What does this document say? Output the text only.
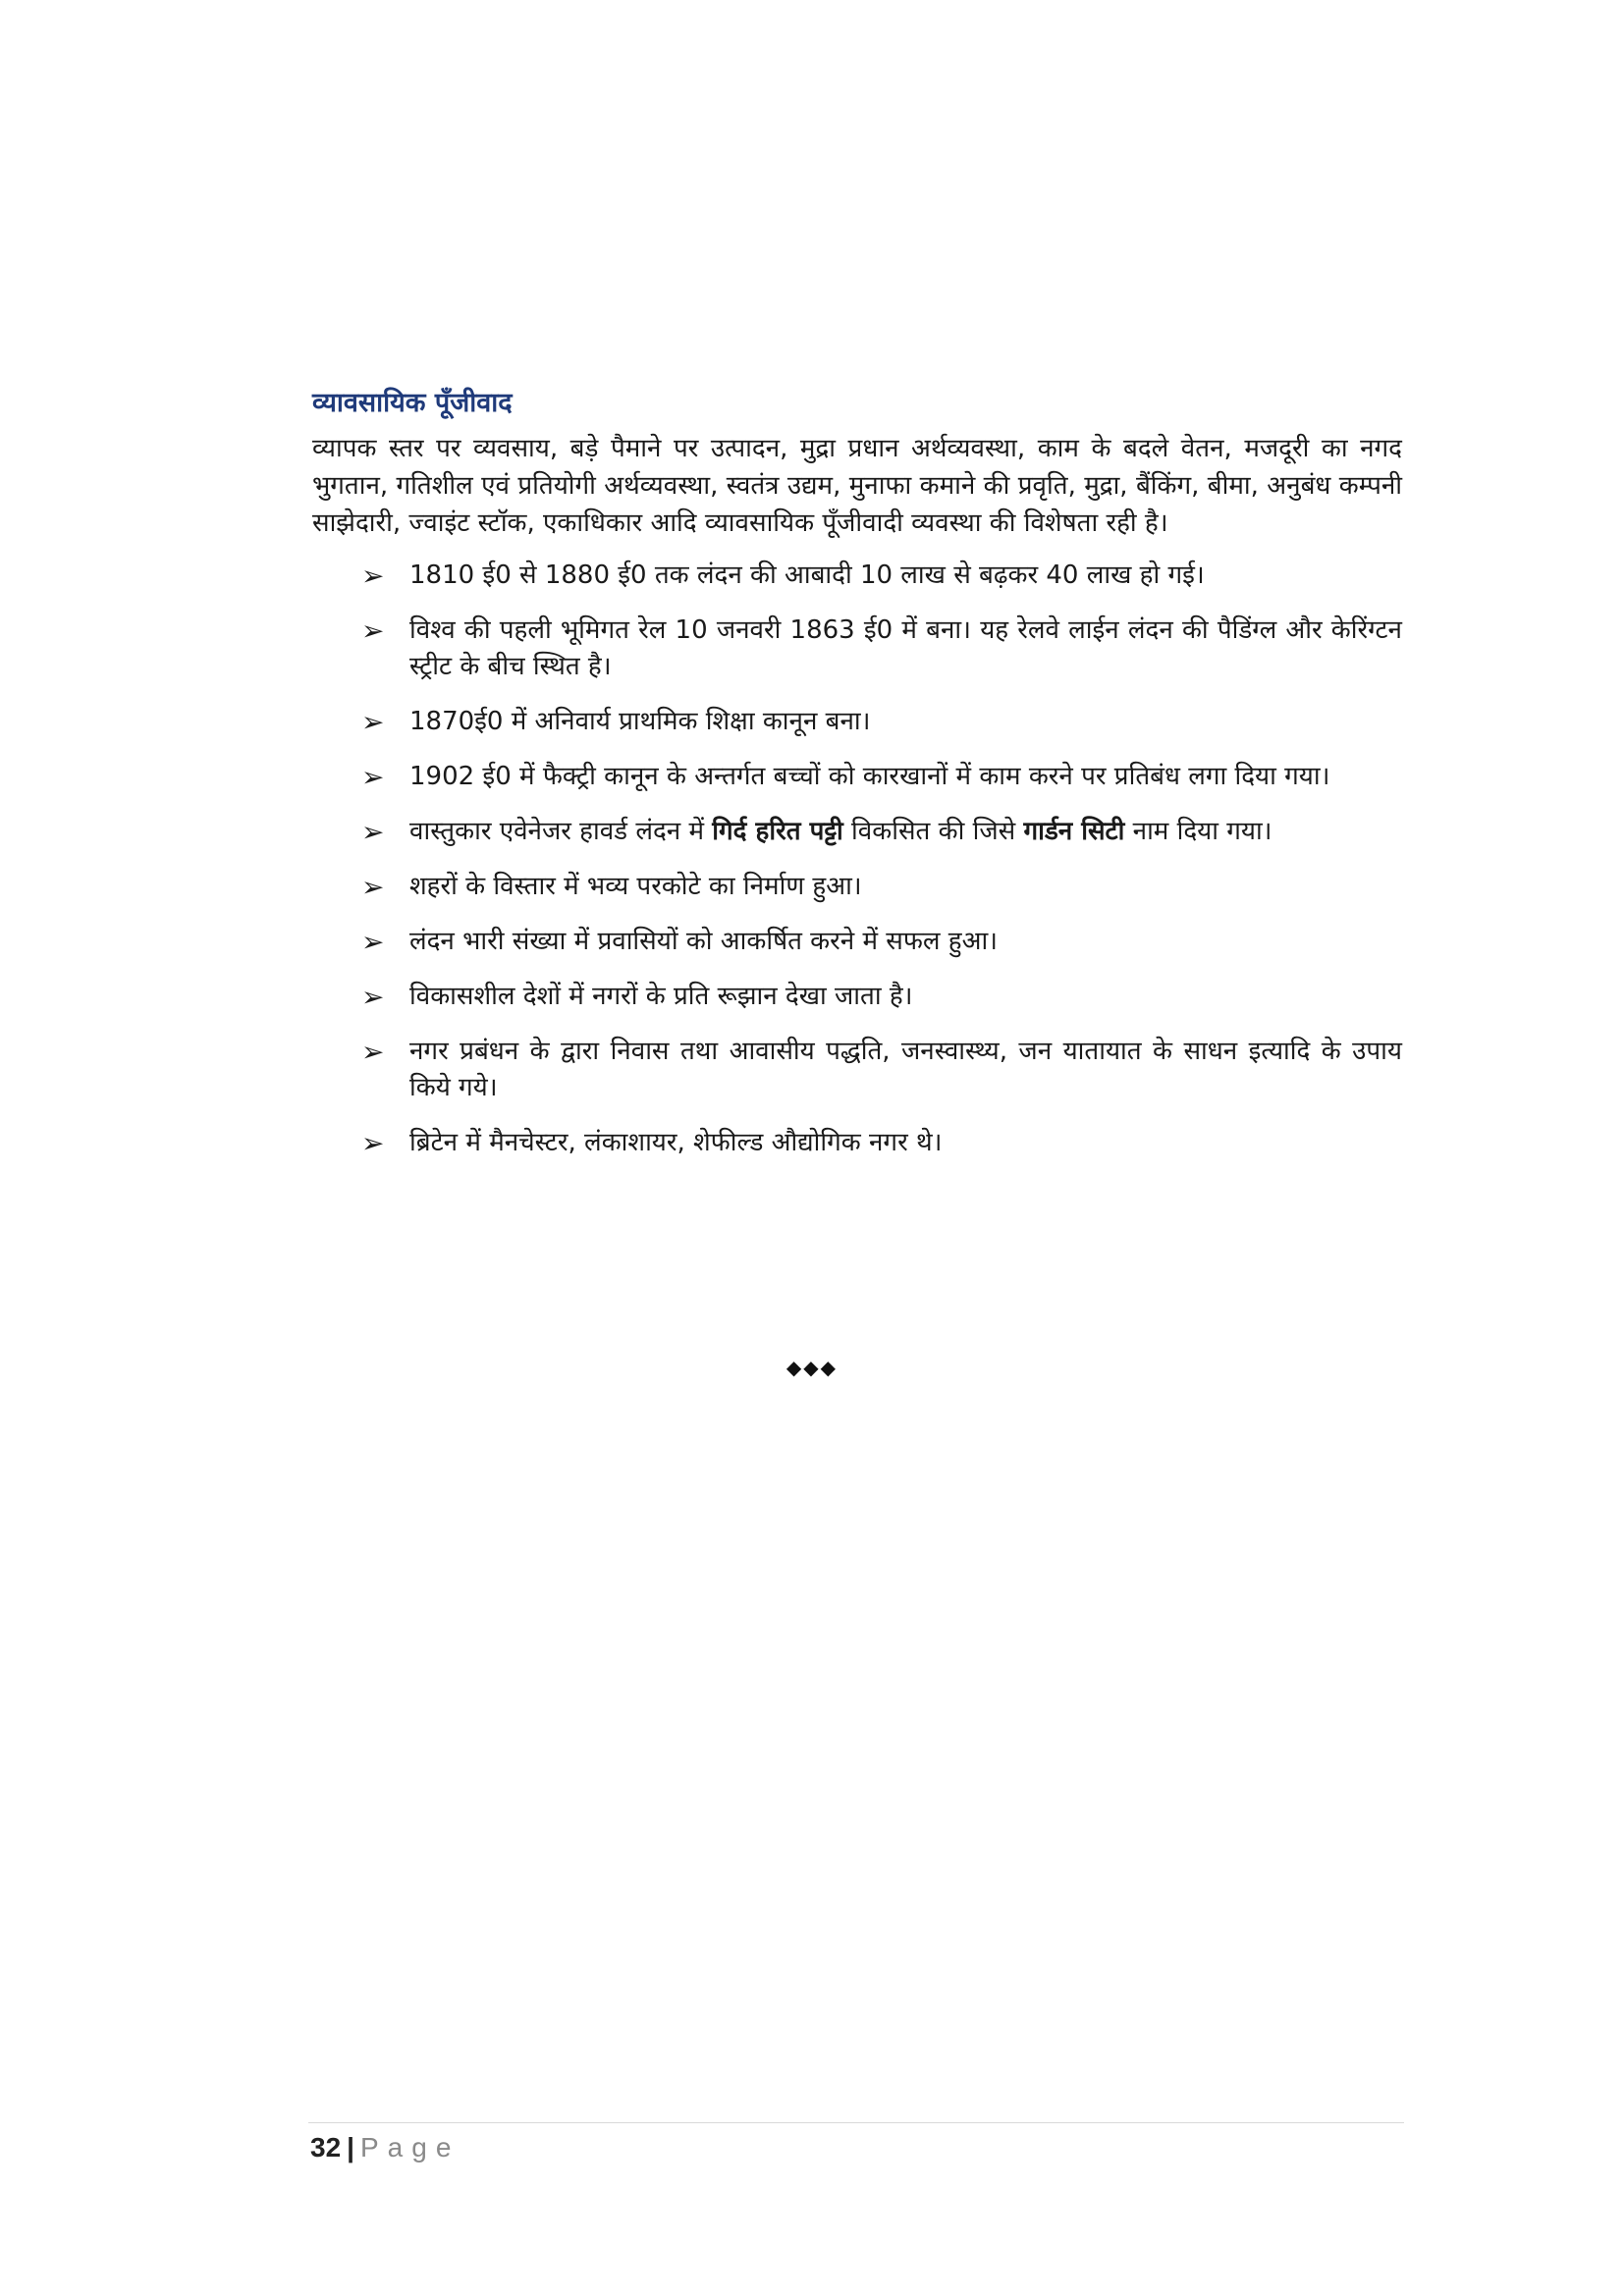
व्यावसायिक पूँजीवाद

व्यापक स्तर पर व्यवसाय, बड़े पैमाने पर उत्पादन, मुद्रा प्रधान अर्थव्यवस्था, काम के बदले वेतन, मजदूरी का नगद भुगतान, गतिशील एवं प्रतियोगी अर्थव्यवस्था, स्वतंत्र उद्यम, मुनाफा कमाने की प्रवृति, मुद्रा, बैंकिंग, बीमा, अनुबंध कम्पनी साझेदारी, ज्वाइंट स्टॉक, एकाधिकार आदि व्यावसायिक पूँजीवादी व्यवस्था की विशेषता रही है।

➢ 1810 ई0 से 1880 ई0 तक लंदन की आबादी 10 लाख से बढ़कर 40 लाख हो गई।
➢ विश्व की पहली भूमिगत रेल 10 जनवरी 1863 ई0 में बना। यह रेलवे लाईन लंदन की पैडिंग्ल और केरिंग्टन स्ट्रीट के बीच स्थित है।
➢ 1870ई0 में अनिवार्य प्राथमिक शिक्षा कानून बना।
➢ 1902 ई0 में फैक्ट्री कानून के अन्तर्गत बच्चों को कारखानों में काम करने पर प्रतिबंध लगा दिया गया।
➢ वास्तुकार एवेनेजर हावर्ड लंदन में गिर्द हरित पट्टी विकसित की जिसे गार्डन सिटी नाम दिया गया।
➢ शहरों के विस्तार में भव्य परकोटे का निर्माण हुआ।
➢ लंदन भारी संख्या में प्रवासियों को आकर्षित करने में सफल हुआ।
➢ विकासशील देशों में नगरों के प्रति रूझान देखा जाता है।
➢ नगर प्रबंधन के द्वारा निवास तथा आवासीय पद्धति, जनस्वास्थ्य, जन यातायात के साधन इत्यादि के उपाय किये गये।
➢ ब्रिटेन में मैनचेस्टर, लंकाशायर, शेफील्ड औद्योगिक नगर थे।
◆◆◆
32 | Page
